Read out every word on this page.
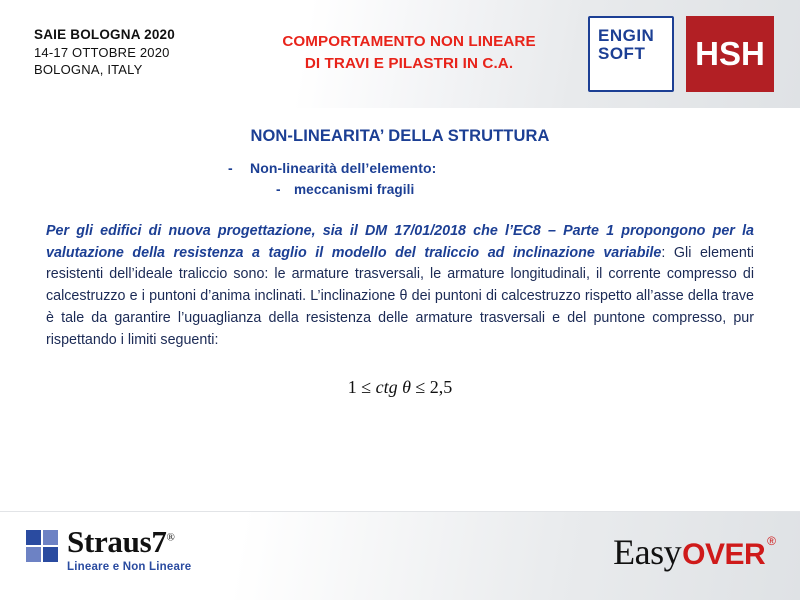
SAIE BOLOGNA 2020
14-17 OTTOBRE 2020
BOLOGNA, ITALY
COMPORTAMENTO NON LINEARE
DI TRAVI E PILASTRI IN C.A.
ENGIN
SOFT	HSH
NON-LINEARITA’ DELLA STRUTTURA
- Non-linearità dell’elemento:
- meccanismi fragili
Per gli edifici di nuova progettazione, sia il DM 17/01/2018 che l’EC8 – Parte 1 propongono per la valutazione della resistenza a taglio il modello del traliccio ad inclinazione variabile: Gli elementi resistenti dell’ideale traliccio sono: le armature trasversali, le armature longitudinali, il corrente compresso di calcestruzzo e i puntoni d’anima inclinati. L’inclinazione θ dei puntoni di calcestruzzo rispetto all’asse della trave è tale da garantire l’uguaglianza della resistenza delle armature trasversali e del puntone compresso, pur rispettando i limiti seguenti:
1 ≤ ctg θ ≤ 2,5
Straus7®
Lineare e Non Lineare	Easy OVER ®
